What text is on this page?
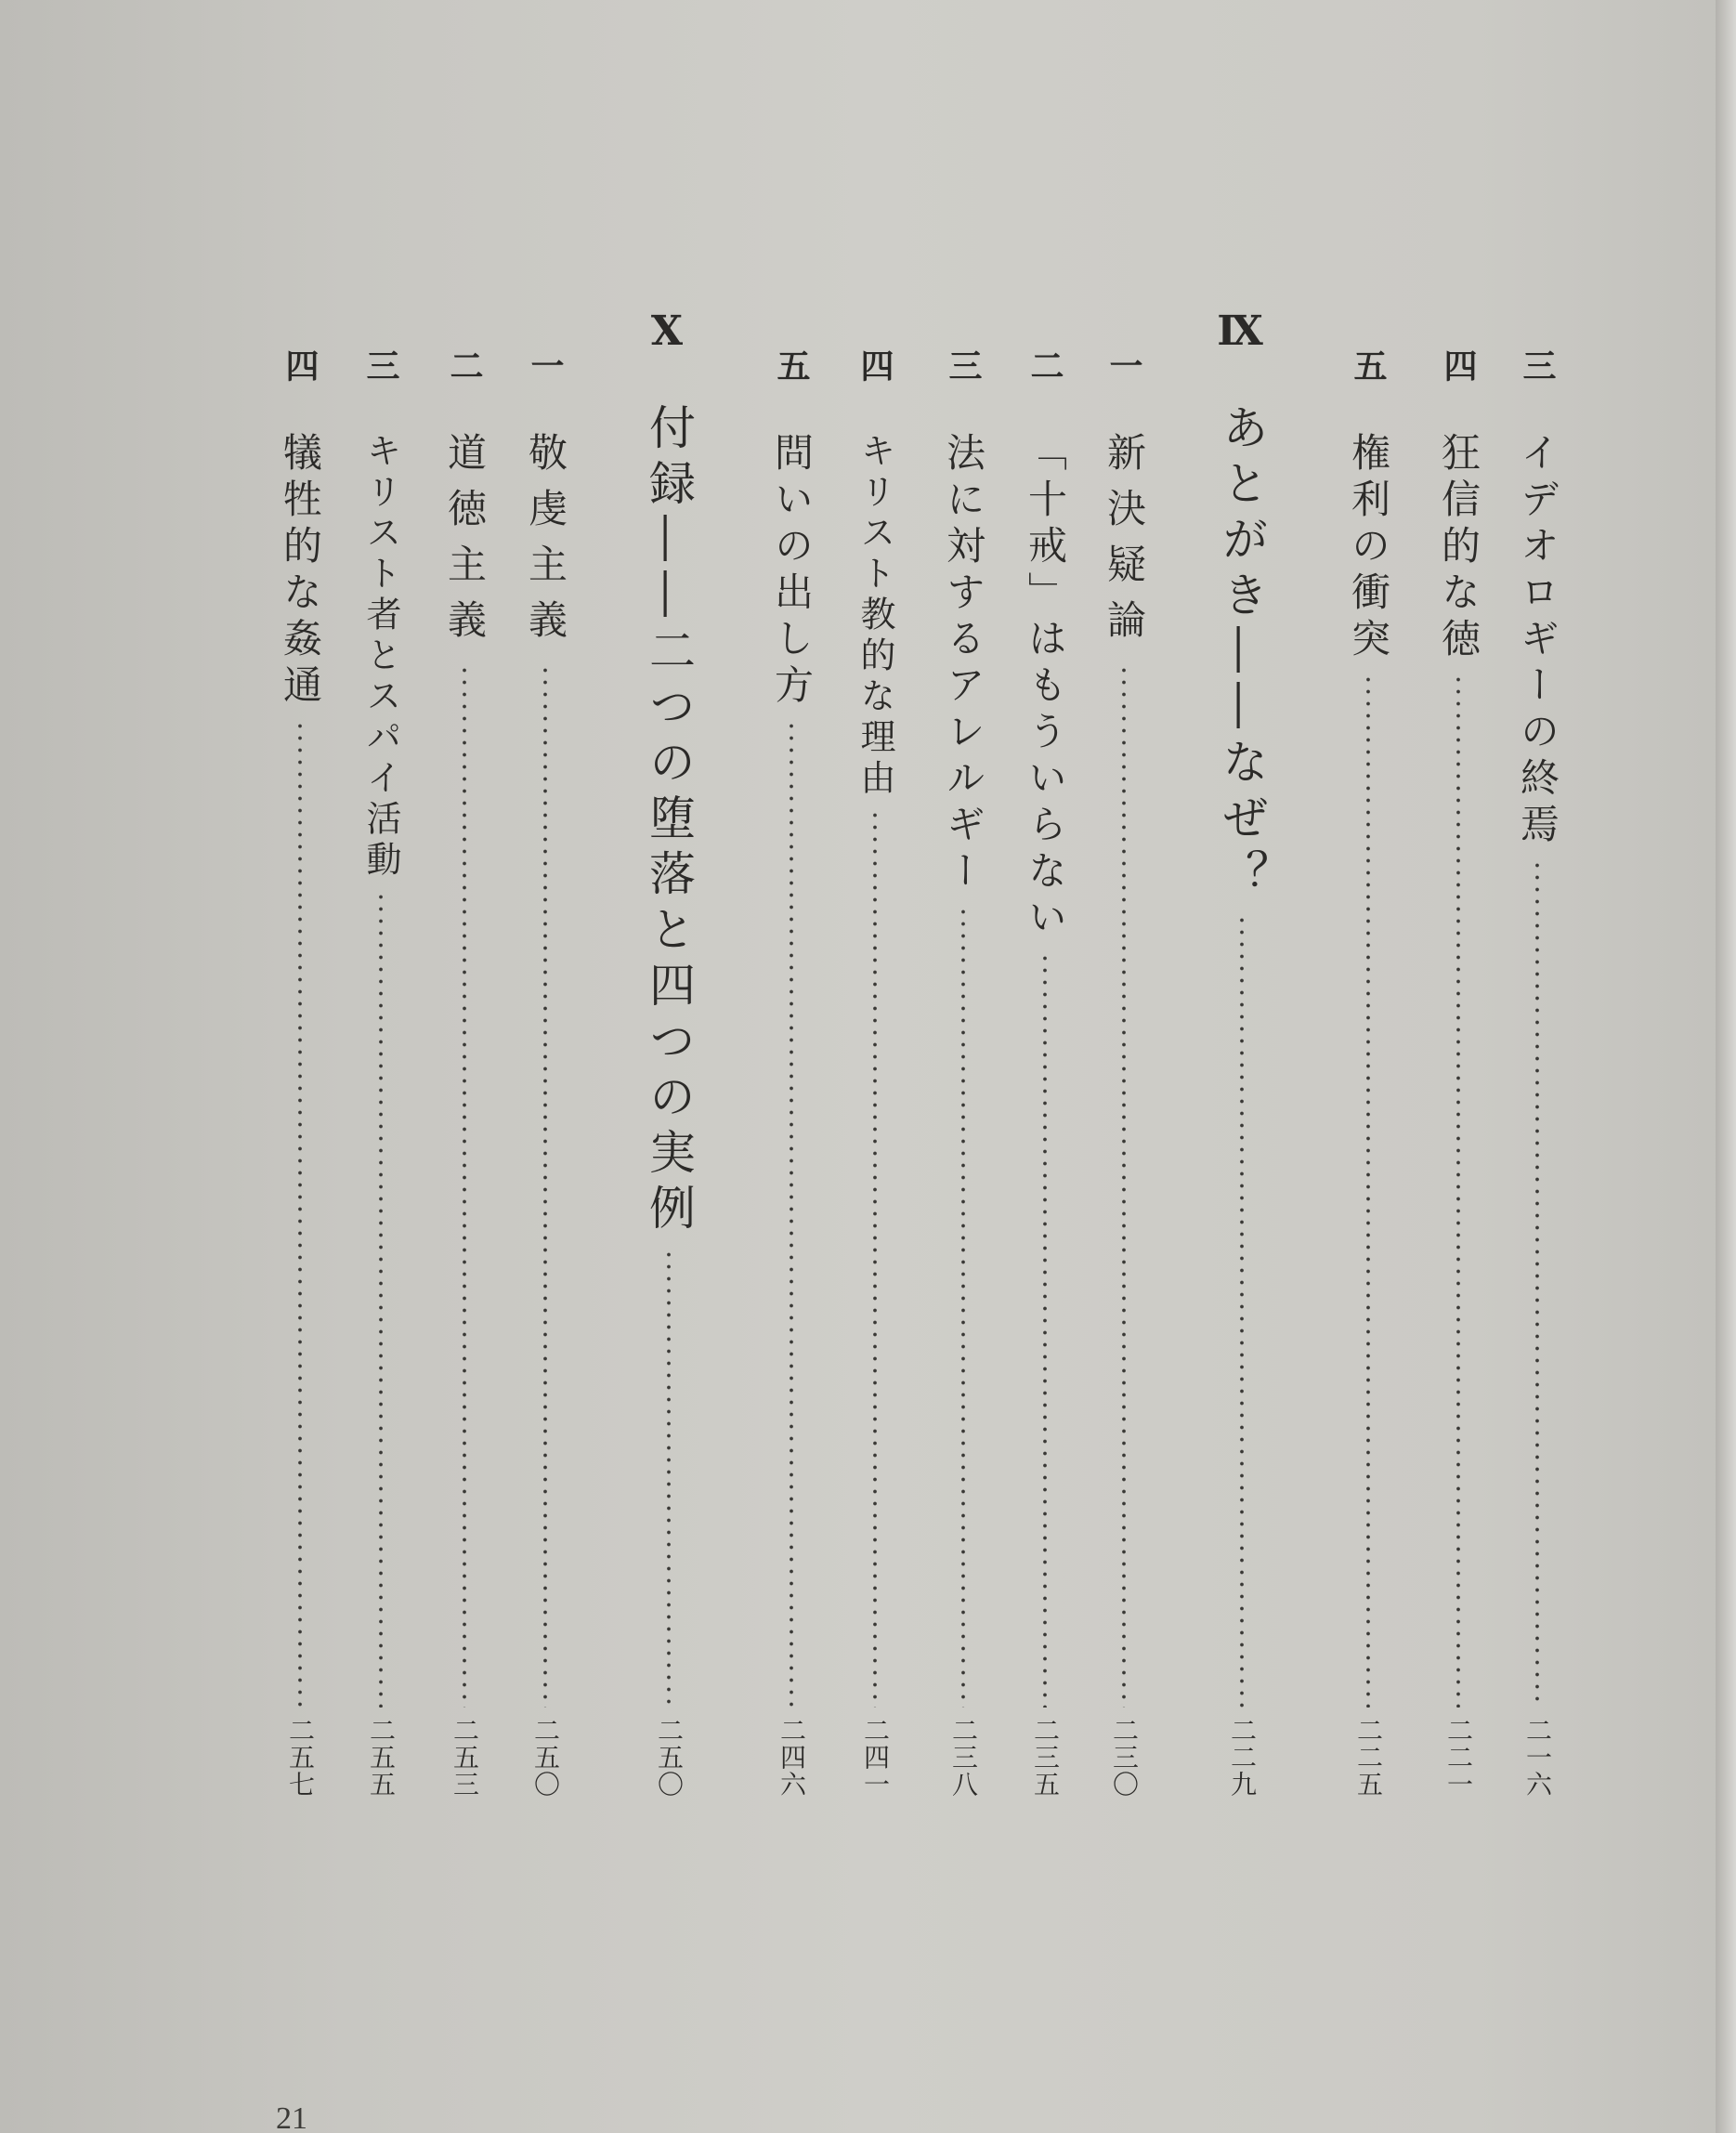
三
イデオロギーの終焉
二一六
四
狂信的な徳
二二一
五
権利の衝突
二二五
Ⅸ
あとがき――なぜ？
二二九
一
新決疑論
二三〇
二
「十戒」はもういらない
二三五
三
法に対するアレルギー
二三八
四
キリスト教的な理由
二四一
五
問いの出し方
二四六
Ⅹ
付録――二つの堕落と四つの実例
二五〇
一
敬虔主義
二五〇
二
道徳主義
二五三
三
キリスト者とスパイ活動
二五五
四
犠牲的な姦通
二五七
21
